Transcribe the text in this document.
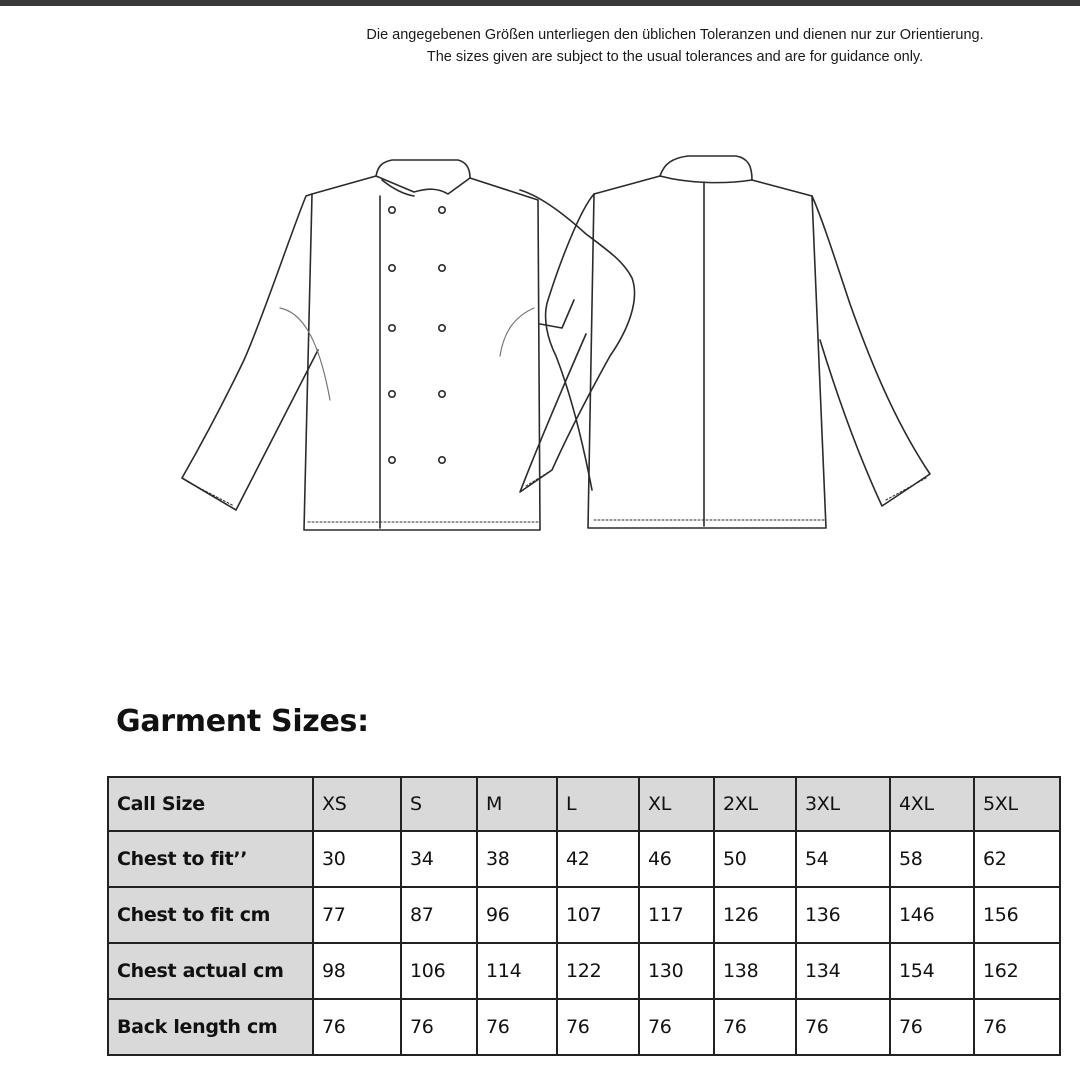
Die angegebenen Größen unterliegen den üblichen Toleranzen und dienen nur zur Orientierung.
The sizes given are subject to the usual tolerances and are for guidance only.
Garment Sizes:
Call Size	XS	S	M	L	XL	2XL	3XL	4XL	5XL
Chest to fit’’	30	34	38	42	46	50	54	58	62
Chest to fit cm	77	87	96	107	117	126	136	146	156
Chest actual cm	98	106	114	122	130	138	134	154	162
Back length cm	76	76	76	76	76	76	76	76	76
